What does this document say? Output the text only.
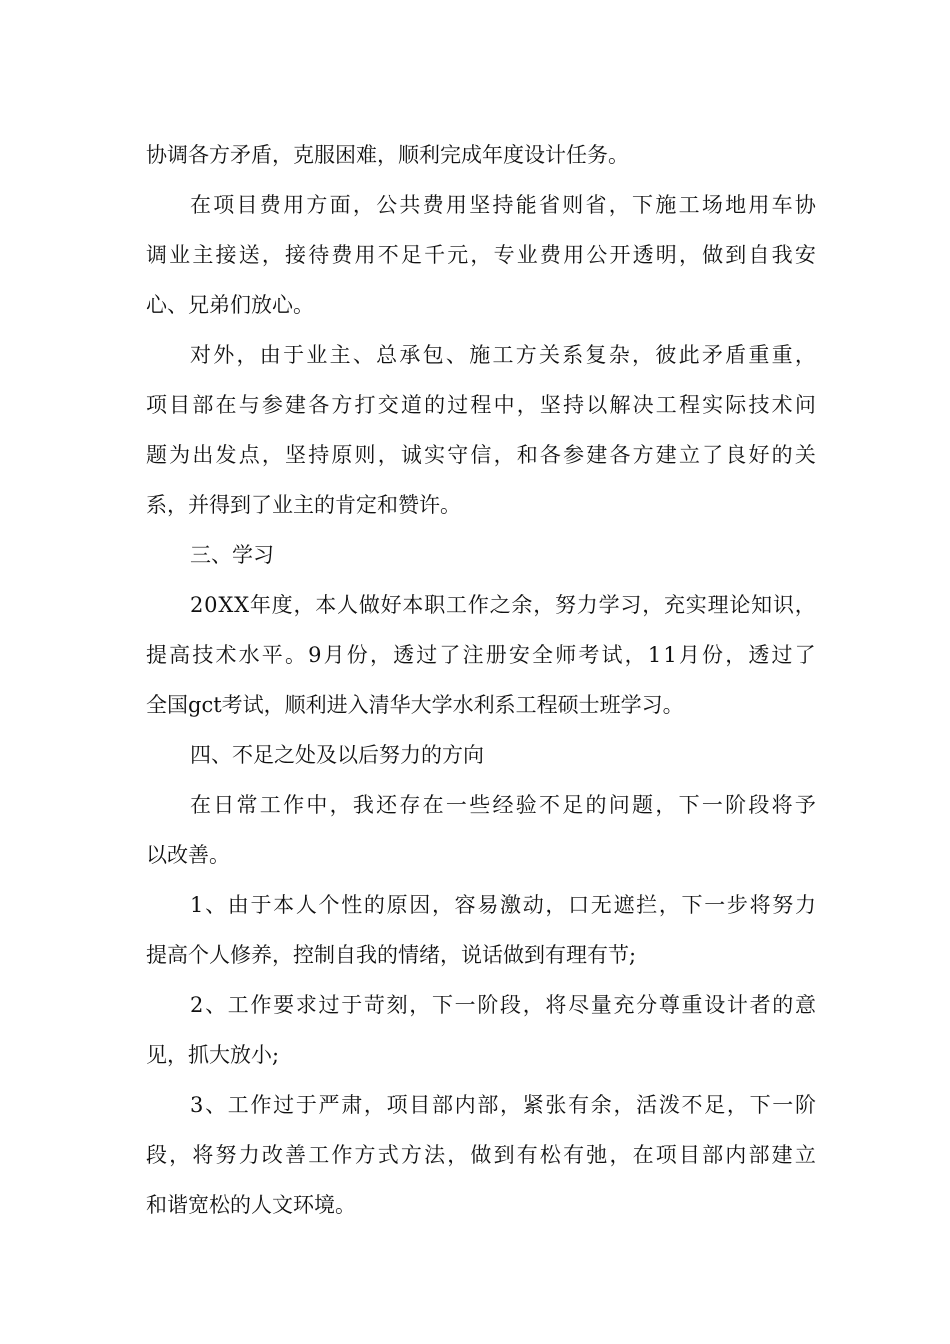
协调各方矛盾，克服困难，顺利完成年度设计任务。
在 项 目 费 用 方 面 ， 公 共 费 用 坚 持 能 省 则 省 ， 下 施 工 场 地 用 车 协
调 业 主 接 送 ， 接 待 费 用 不 足 千 元 ， 专 业 费 用 公 开 透 明 ， 做 到 自 我 安
心、兄弟们放心。
对 外 ， 由 于 业 主 、 总 承 包 、 施 工 方 关 系 复 杂 ， 彼 此 矛 盾 重 重 ，
项 目 部 在 与 参 建 各 方 打 交 道 的 过 程 中 ， 坚 持 以 解 决 工 程 实 际 技 术 问
题 为 出 发 点 ， 坚 持 原 则 ， 诚 实 守 信 ， 和 各 参 建 各 方 建 立 了 良 好 的 关
系，并得到了业主的肯定和赞许。
三、学习
2 0 X X 年 度 ， 本 人 做 好 本 职 工 作 之 余 ， 努 力 学 习 ， 充 实 理 论 知 识 ，
提 高 技 术 水 平 。 9 月 份 ， 透 过 了 注 册 安 全 师 考 试 ， 1 1 月 份 ， 透 过 了
全国gct考试，顺利进入清华大学水利系工程硕士班学习。
四、不足之处及以后努力的方向
在 日 常 工 作 中 ， 我 还 存 在 一 些 经 验 不 足 的 问 题 ， 下 一 阶 段 将 予
以改善。
1 、 由 于 本 人 个 性 的 原 因 ， 容 易 激 动 ， 口 无 遮 拦 ， 下 一 步 将 努 力
提高个人修养，控制自我的情绪，说话做到有理有节;
2 、 工 作 要 求 过 于 苛 刻 ， 下 一 阶 段 ， 将 尽 量 充 分 尊 重 设 计 者 的 意
见，抓大放小;
3 、 工 作 过 于 严 肃 ， 项 目 部 内 部 ， 紧 张 有 余 ， 活 泼 不 足 ， 下 一 阶
段 ， 将 努 力 改 善 工 作 方 式 方 法 ， 做 到 有 松 有 弛 ， 在 项 目 部 内 部 建 立
和谐宽松的人文环境。
